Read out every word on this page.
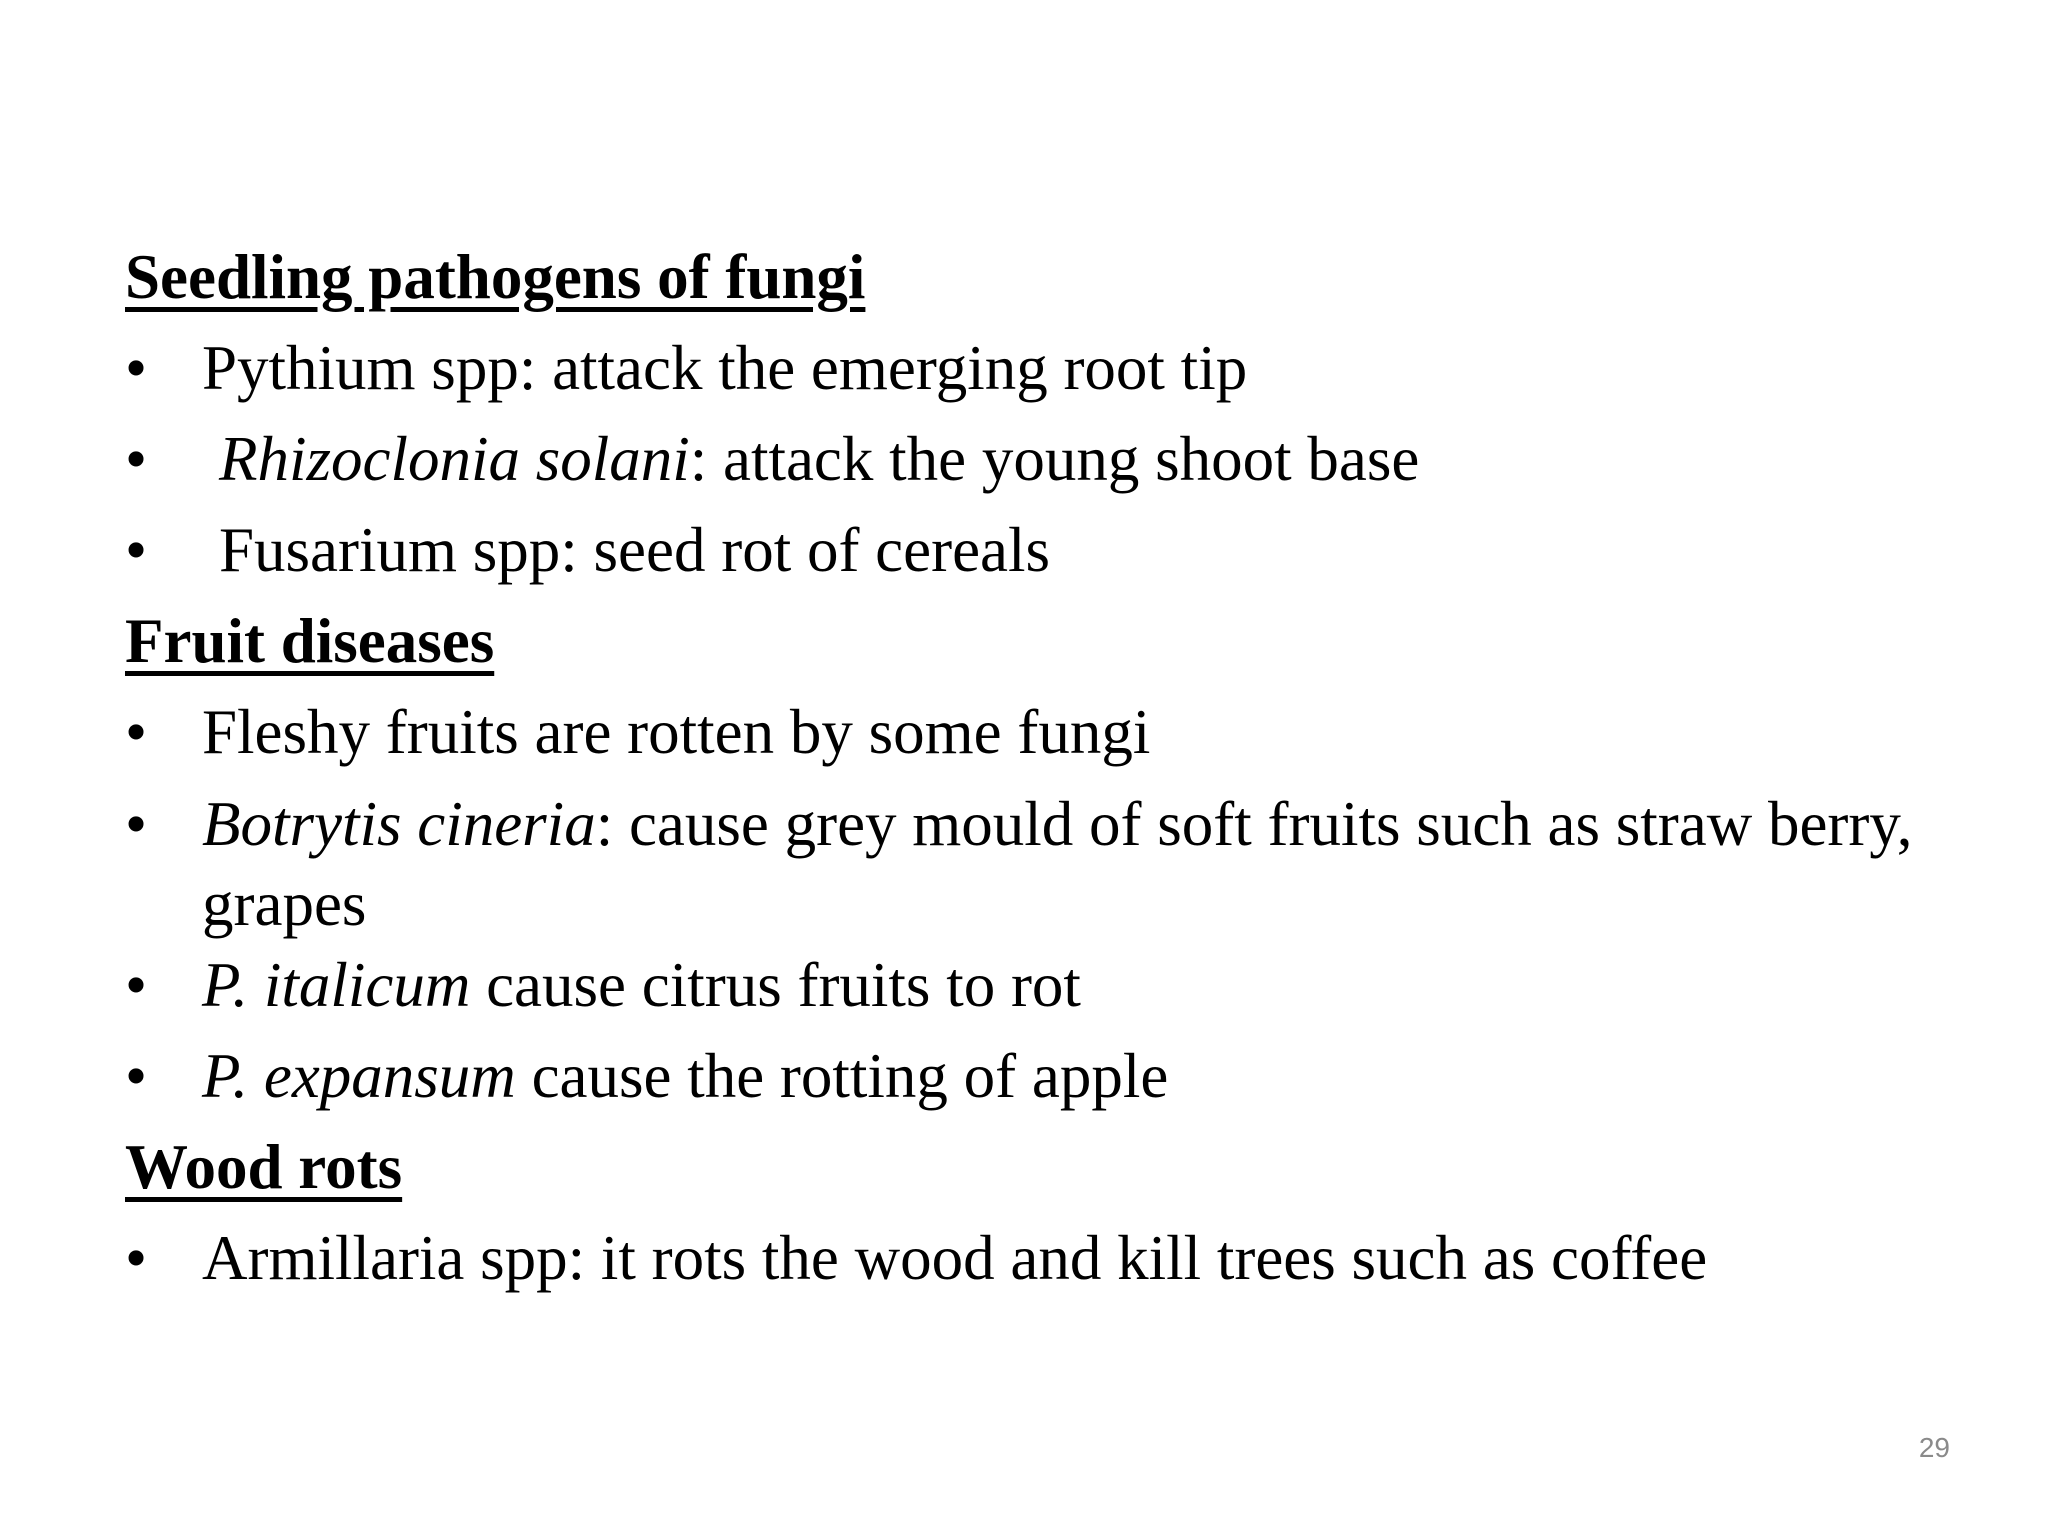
Seedling pathogens of fungi
• Pythium spp: attack the emerging root tip
• Rhizoclonia solani: attack the young shoot base
• Fusarium spp: seed rot of cereals
Fruit diseases
• Fleshy fruits are rotten by some fungi
• Botrytis cineria: cause grey mould of soft fruits such as straw berry, grapes
• P. italicum cause citrus fruits to rot
• P. expansum cause the rotting of apple
Wood rots
• Armillaria spp: it rots the wood and kill trees such as coffee
29
